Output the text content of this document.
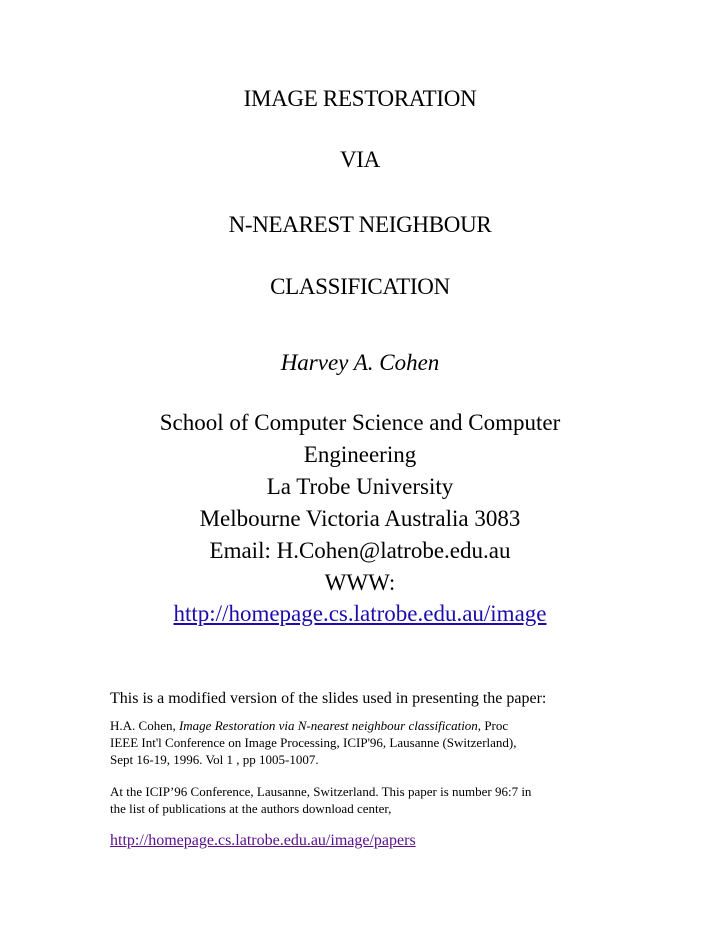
IMAGE RESTORATION
VIA
N-NEAREST NEIGHBOUR
CLASSIFICATION
Harvey A. Cohen
School of Computer Science and Computer
Engineering
La Trobe University
Melbourne Victoria Australia 3083
Email: H.Cohen@latrobe.edu.au
WWW:
http://homepage.cs.latrobe.edu.au/image
This is a modified version of the slides used in presenting the paper:
H.A. Cohen, Image Restoration via N-nearest neighbour classification, Proc
IEEE Int'l Conference on Image Processing, ICIP'96, Lausanne (Switzerland),
Sept 16-19, 1996. Vol 1 , pp 1005-1007.
At the ICIP’96 Conference, Lausanne, Switzerland. This paper is number 96:7 in
the list of publications at the authors download center,
http://homepage.cs.latrobe.edu.au/image/papers
